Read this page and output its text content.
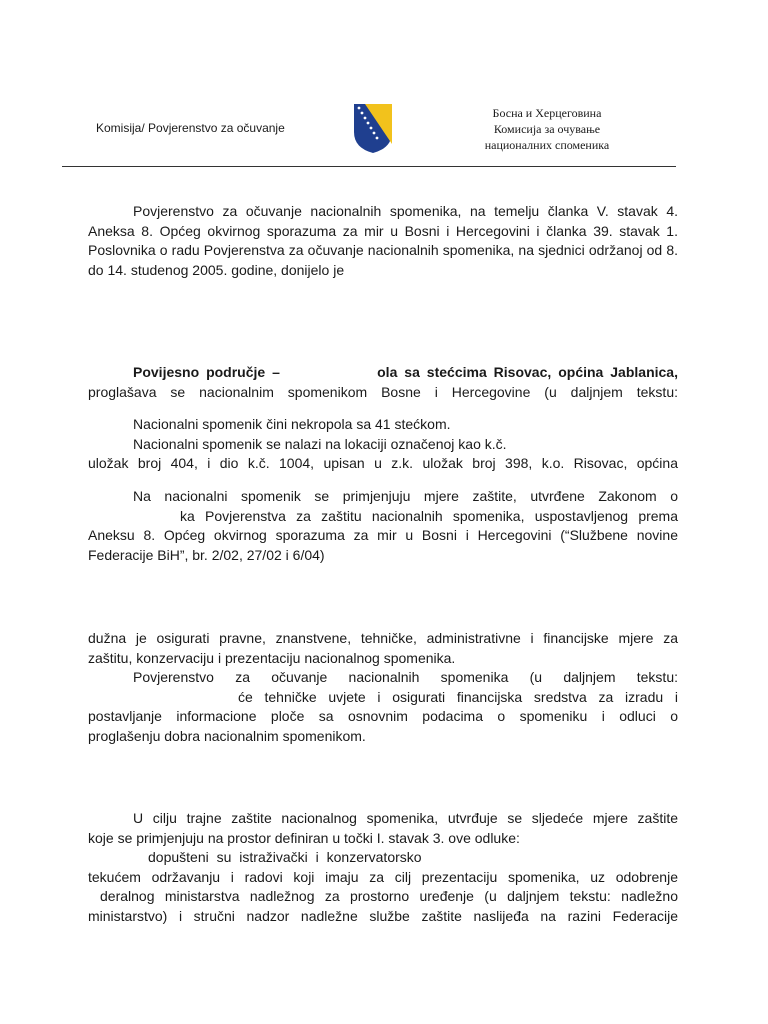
Komisija/ Povjerenstvo za očuvanje
Босна и Херцеговина
Комисија за очување
националних споменика
Povjerenstvo za očuvanje nacionalnih spomenika, na temelju članka V. stavak 4. Aneksa 8. Općeg okvirnog sporazuma za mir u Bosni i Hercegovini i članka 39. stavak 1. Poslovnika o radu Povjerenstva za očuvanje nacionalnih spomenika, na sjednici održanoj od 8. do 14. studenog 2005. godine, donijelo je
Povijesno područje –	ola sa stećcima Risovac, općina Jablanica,
proglašava se nacionalnim spomenikom Bosne i Hercegovine (u daljnjem tekstu:
Nacionalni spomenik čini nekropola sa 41 stećkom.
Nacionalni spomenik se nalazi na lokaciji označenoj kao k.č.
uložak broj 404, i dio k.č. 1004, upisan u z.k. uložak broj 398, k.o. Risovac, općina
Na nacionalni spomenik se primjenjuju mjere zaštite, utvrđene Zakonom o
ka Povjerenstva za zaštitu nacionalnih spomenika, uspostavljenog prema
Aneksu 8. Općeg okvirnog sporazuma za mir u Bosni i Hercegovini (“Službene novine
Federacije BiH”, br. 2/02, 27/02 i 6/04)
dužna je osigurati pravne, znanstvene, tehničke, administrativne i financijske mjere za
zaštitu, konzervaciju i prezentaciju nacionalnog spomenika.
Povjerenstvo za očuvanje nacionalnih spomenika (u daljnjem tekstu:
će tehničke uvjete i osigurati financijska sredstva za izradu i
postavljanje informacione ploče sa osnovnim podacima o spomeniku i odluci o
proglašenju dobra nacionalnim spomenikom.
U cilju trajne zaštite nacionalnog spomenika, utvrđuje se sljedeće mjere zaštite
koje se primjenjuju na prostor definiran u točki I. stavak 3. ove odluke:
dopušteni su istraživački i konzervatorsko
tekućem održavanju i radovi koji imaju za cilj prezentaciju spomenika, uz odobrenje
deralnog ministarstva nadležnog za prostorno uređenje (u daljnjem tekstu: nadležno
ministarstvo) i stručni nadzor nadležne službe zaštite naslijeđa na razini Federacije
